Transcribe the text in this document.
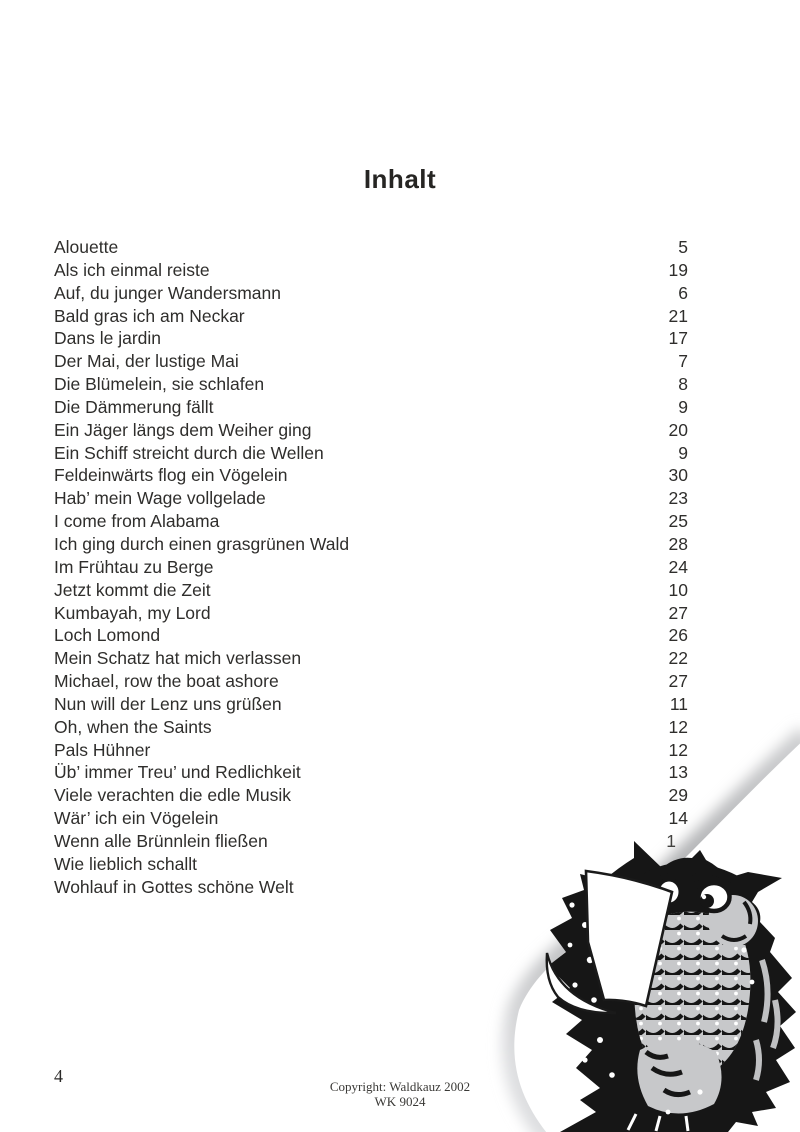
Inhalt
Alouette	5
Als ich einmal reiste	19
Auf, du junger Wandersmann	6
Bald gras ich am Neckar	21
Dans le jardin	17
Der Mai, der lustige Mai	7
Die Blümelein, sie schlafen	8
Die Dämmerung fällt	9
Ein Jäger längs dem Weiher ging	20
Ein Schiff streicht durch die Wellen	9
Feldeinwärts flog ein Vögelein	30
Hab’ mein Wage vollgelade	23
I come from Alabama	25
Ich ging durch einen grasgrünen Wald	28
Im Frühtau zu Berge	24
Jetzt kommt die Zeit	10
Kumbayah, my Lord	27
Loch Lomond	26
Mein Schatz hat mich verlassen	22
Michael, row the boat ashore	27
Nun will der Lenz uns grüßen	11
Oh, when the Saints	12
Pals Hühner	12
Üb’ immer Treu’ und Redlichkeit	13
Viele verachten die edle Musik	29
Wär’ ich ein Vögelein	14
Wenn alle Brünnlein fließen	1
Wie lieblich schallt
Wohlauf in Gottes schöne Welt
4
Copyright: Waldkauz 2002
WK 9024
